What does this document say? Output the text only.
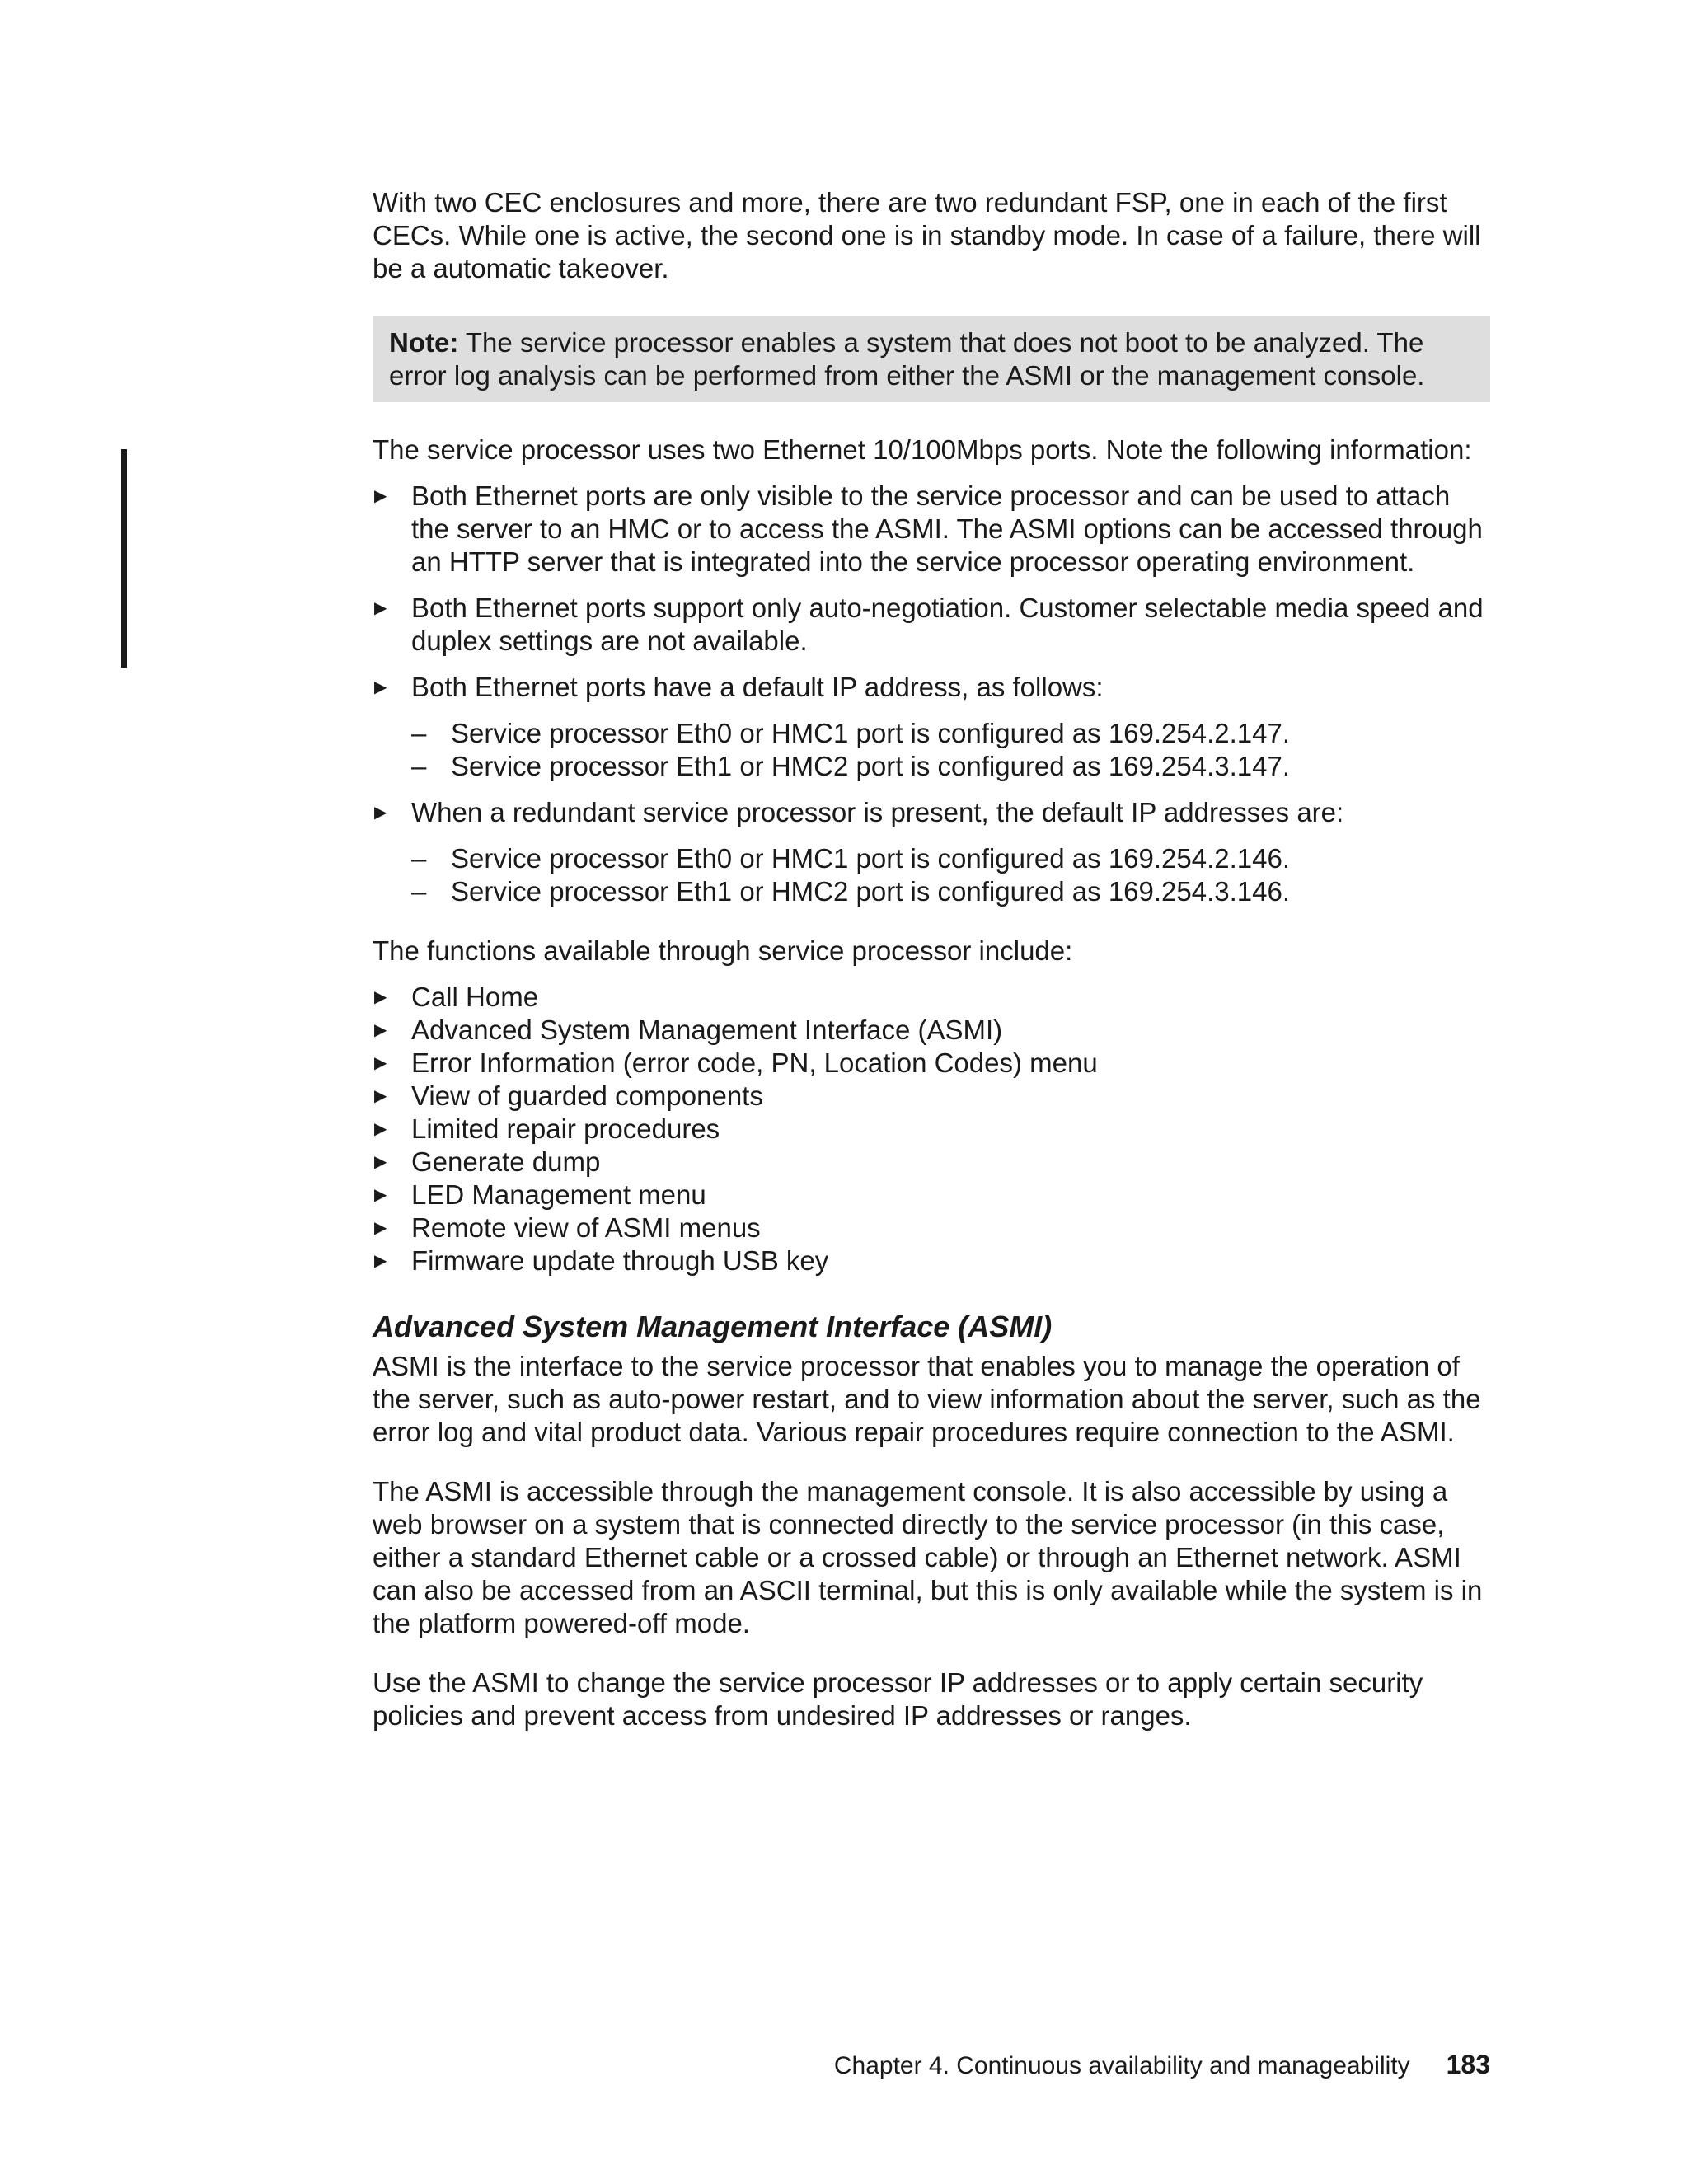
With two CEC enclosures and more, there are two redundant FSP, one in each of the first CECs. While one is active, the second one is in standby mode. In case of a failure, there will be a automatic takeover.

Note: The service processor enables a system that does not boot to be analyzed. The error log analysis can be performed from either the ASMI or the management console.

The service processor uses two Ethernet 10/100Mbps ports. Note the following information:

▶ Both Ethernet ports are only visible to the service processor and can be used to attach the server to an HMC or to access the ASMI. The ASMI options can be accessed through an HTTP server that is integrated into the service processor operating environment.
▶ Both Ethernet ports support only auto-negotiation. Customer selectable media speed and duplex settings are not available.
▶ Both Ethernet ports have a default IP address, as follows:
– Service processor Eth0 or HMC1 port is configured as 169.254.2.147.
– Service processor Eth1 or HMC2 port is configured as 169.254.3.147.
▶ When a redundant service processor is present, the default IP addresses are:
– Service processor Eth0 or HMC1 port is configured as 169.254.2.146.
– Service processor Eth1 or HMC2 port is configured as 169.254.3.146.

The functions available through service processor include:

▶ Call Home
▶ Advanced System Management Interface (ASMI)
▶ Error Information (error code, PN, Location Codes) menu
▶ View of guarded components
▶ Limited repair procedures
▶ Generate dump
▶ LED Management menu
▶ Remote view of ASMI menus
▶ Firmware update through USB key
Advanced System Management Interface (ASMI)

ASMI is the interface to the service processor that enables you to manage the operation of the server, such as auto-power restart, and to view information about the server, such as the error log and vital product data. Various repair procedures require connection to the ASMI.

The ASMI is accessible through the management console. It is also accessible by using a web browser on a system that is connected directly to the service processor (in this case, either a standard Ethernet cable or a crossed cable) or through an Ethernet network. ASMI can also be accessed from an ASCII terminal, but this is only available while the system is in the platform powered-off mode.

Use the ASMI to change the service processor IP addresses or to apply certain security policies and prevent access from undesired IP addresses or ranges.

Chapter 4. Continuous availability and manageability 183
